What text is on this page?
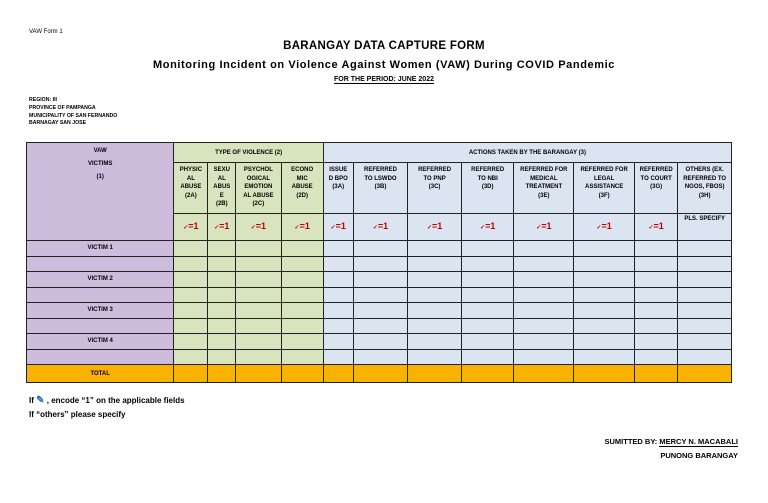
VAW Form 1
BARANGAY DATA CAPTURE FORM
Monitoring Incident on Violence Against Women (VAW) During COVID Pandemic
FOR THE PERIOD: JUNE 2022
REGION: III
PROVINCE OF PAMPANGA
MUNICIPALITY OF SAN FERNANDO
BARNAGAY SAN JOSE
VAW
VICTIMS
(1)	TYPE OF VIOLENCE (2)				ACTIONS TAKEN BY THE BARANGAY (3)							
	PHYSIC
AL
ABUSE
(2A)	SEXU
AL
ABUS
E
(2B)	PSYCHOL
OGICAL
EMOTION
AL ABUSE
(2C)	ECONO
MIC
ABUSE
(2D)	ISSUE
D BPO
(3A)	REFERRED
TO LSWDO
(3B)	REFERRED
TO PNP
(3C)	REFERRED
TO NBI
(3D)	REFERRED FOR
MEDICAL
TREATMENT
(3E)	REFERRED FOR
LEGAL
ASSISTANCE
(3F)	REFERRED
TO COURT
(3G)	OTHERS (EX.
REFERRED TO
NGOS, FBOS)
(3H)
	✓=1	✓=1	✓=1	✓=1	✓=1	✓=1	✓=1	✓=1	✓=1	✓=1	✓=1	PLS. SPECIFY
VICTIM 1												

VICTIM 2												

VICTIM 3												

VICTIM 4												

TOTAL												
If ✎ , encode “1” on the applicable fields
If “others” please specify
SUMITTED BY: MERCY N. MACABALI
PUNONG BARANGAY
